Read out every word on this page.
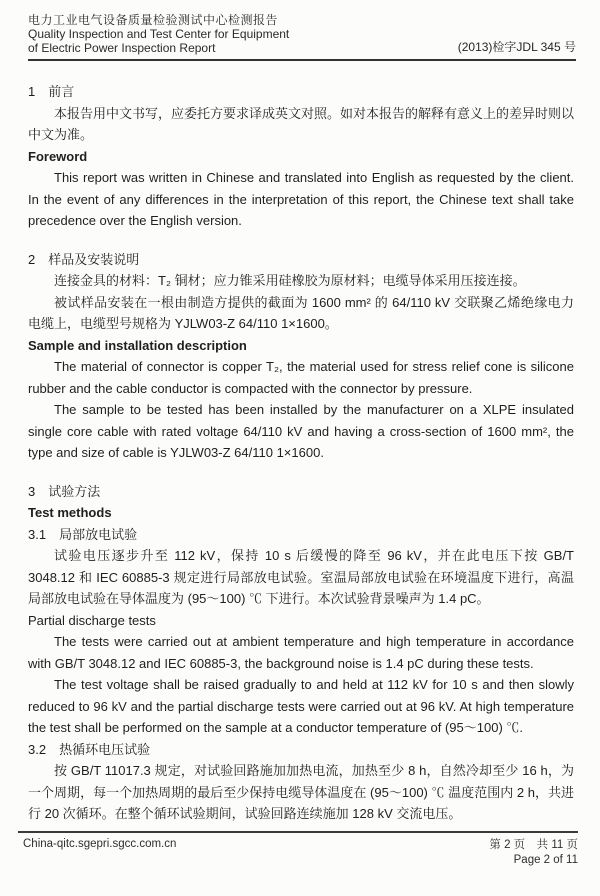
电力工业电气设备质量检验测试中心检测报告
Quality Inspection and Test Center for Equipment
of Electric Power Inspection Report	(2013)检字JDL 345 号

1　前言

本报告用中文书写，应委托方要求译成英文对照。如对本报告的解释有意义上的差异时则以中文为准。

Foreword

This report was written in Chinese and translated into English as requested by the client. In the event of any differences in the interpretation of this report, the Chinese text shall take precedence over the English version.

2　样品及安装说明

连接金具的材料：T₂ 铜材；应力锥采用硅橡胶为原材料；电缆导体采用压接连接。

被试样品安装在一根由制造方提供的截面为 1600 mm² 的 64/110 kV 交联聚乙烯绝缘电力电缆上，电缆型号规格为 YJLW03-Z 64/110 1×1600。

Sample and installation description

The material of connector is copper T₂, the material used for stress relief cone is silicone rubber and the cable conductor is compacted with the connector by pressure.

The sample to be tested has been installed by the manufacturer on a XLPE insulated single core cable with rated voltage 64/110 kV and having a cross-section of 1600 mm², the type and size of cable is YJLW03-Z 64/110 1×1600.

3　试验方法

Test methods

3.1　局部放电试验

试验电压逐步升至 112 kV，保持 10 s 后缓慢的降至 96 kV，并在此电压下按 GB/T 3048.12 和 IEC 60885-3 规定进行局部放电试验。室温局部放电试验在环境温度下进行，高温局部放电试验在导体温度为 (95～100) ℃ 下进行。本次试验背景噪声为 1.4 pC。

Partial discharge tests

The tests were carried out at ambient temperature and high temperature in accordance with GB/T 3048.12 and IEC 60885-3, the background noise is 1.4 pC during these tests.

The test voltage shall be raised gradually to and held at 112 kV for 10 s and then slowly reduced to 96 kV and the partial discharge tests were carried out at 96 kV. At high temperature the test shall be performed on the sample at a conductor temperature of (95～100) ℃.

3.2　热循环电压试验

按 GB/T 11017.3 规定，对试验回路施加加热电流，加热至少 8 h，自然冷却至少 16 h，为一个周期，每一个加热周期的最后至少保持电缆导体温度在 (95～100) ℃ 温度范围内 2 h，共进行 20 次循环。在整个循环试验期间，试验回路连续施加 128 kV 交流电压。

China-qitc.sgepri.sgcc.com.cn	第 2 页　共 11 页
Page 2 of 11
